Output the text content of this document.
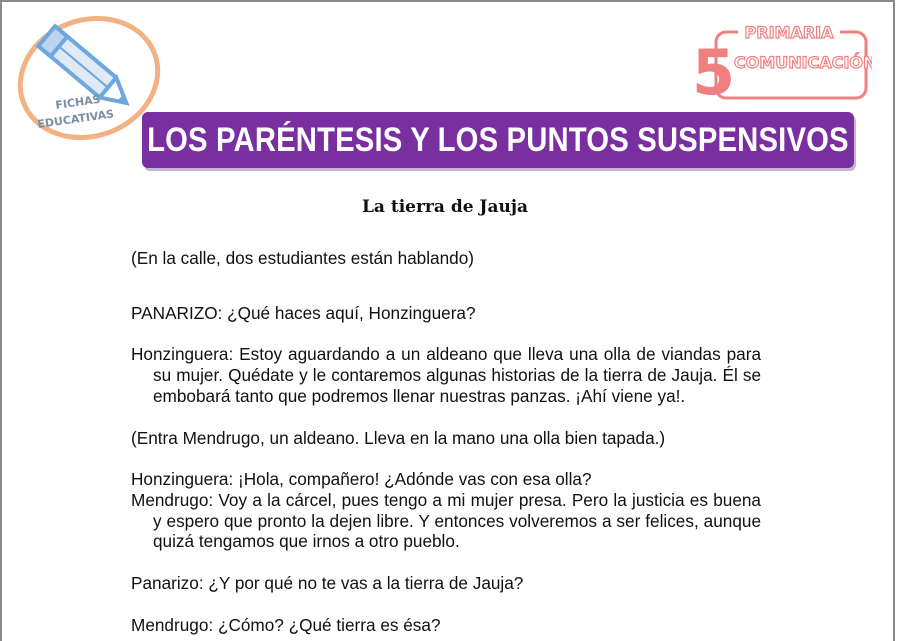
FICHAS
EDUCATIVAS
PRIMARIA
5
COMUNICACIÓN
LOS PARÉNTESIS Y LOS PUNTOS SUSPENSIVOS
La tierra de Jauja

(En la calle, dos estudiantes están hablando)

PANARIZO: ¿Qué haces aquí, Honzinguera?

Honzinguera: Estoy aguardando a un aldeano que lleva una olla de viandas para su mujer. Quédate y le contaremos algunas historias de la tierra de Jauja. Él se embobará tanto que podremos llenar nuestras panzas. ¡Ahí viene ya!.

(Entra Mendrugo, un aldeano. Lleva en la mano una olla bien tapada.)

Honzinguera: ¡Hola, compañero! ¿Adónde vas con esa olla?

Mendrugo: Voy a la cárcel, pues tengo a mi mujer presa. Pero la justicia es buena y espero que pronto la dejen libre. Y entonces volveremos a ser felices, aunque quizá tengamos que irnos a otro pueblo.

Panarizo: ¿Y por qué no te vas a la tierra de Jauja?

Mendrugo: ¿Cómo? ¿Qué tierra es ésa?
